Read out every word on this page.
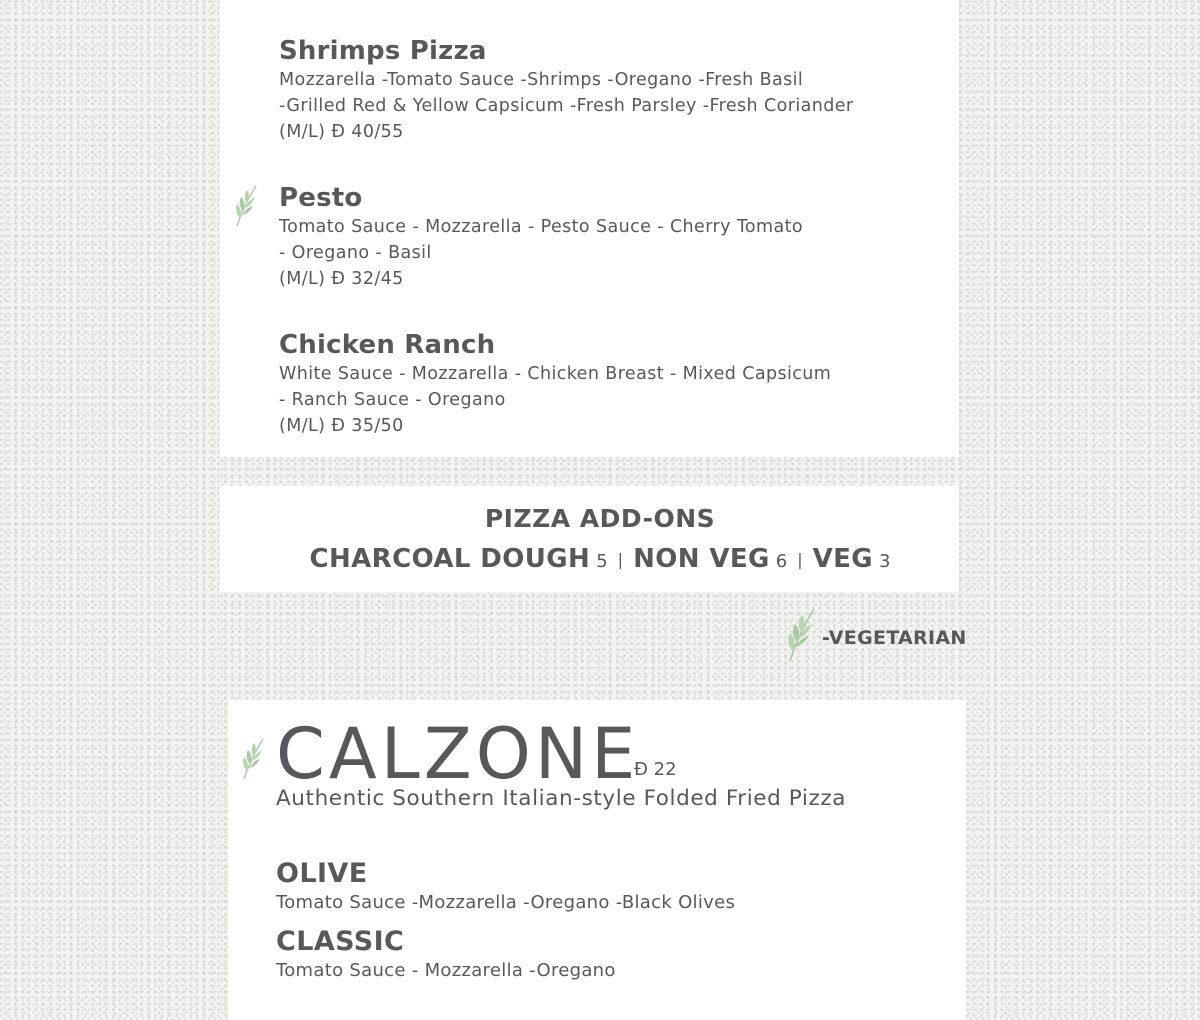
Shrimps Pizza
Mozzarella -Tomato Sauce -Shrimps -Oregano -Fresh Basil
-Grilled Red & Yellow Capsicum -Fresh Parsley -Fresh Coriander
(M/L) Đ 40/55
Pesto
Tomato Sauce - Mozzarella - Pesto Sauce - Cherry Tomato
- Oregano - Basil
(M/L) Đ 32/45
Chicken Ranch
White Sauce - Mozzarella - Chicken Breast - Mixed Capsicum
- Ranch Sauce - Oregano
(M/L) Đ 35/50
PIZZA ADD-ONS
CHARCOAL DOUGH 5 | NON VEG 6 | VEG 3
-VEGETARIAN
CALZONE
Đ 22
Authentic Southern Italian-style Folded Fried Pizza
OLIVE
Tomato Sauce -Mozzarella -Oregano -Black Olives
CLASSIC
Tomato Sauce - Mozzarella -Oregano
